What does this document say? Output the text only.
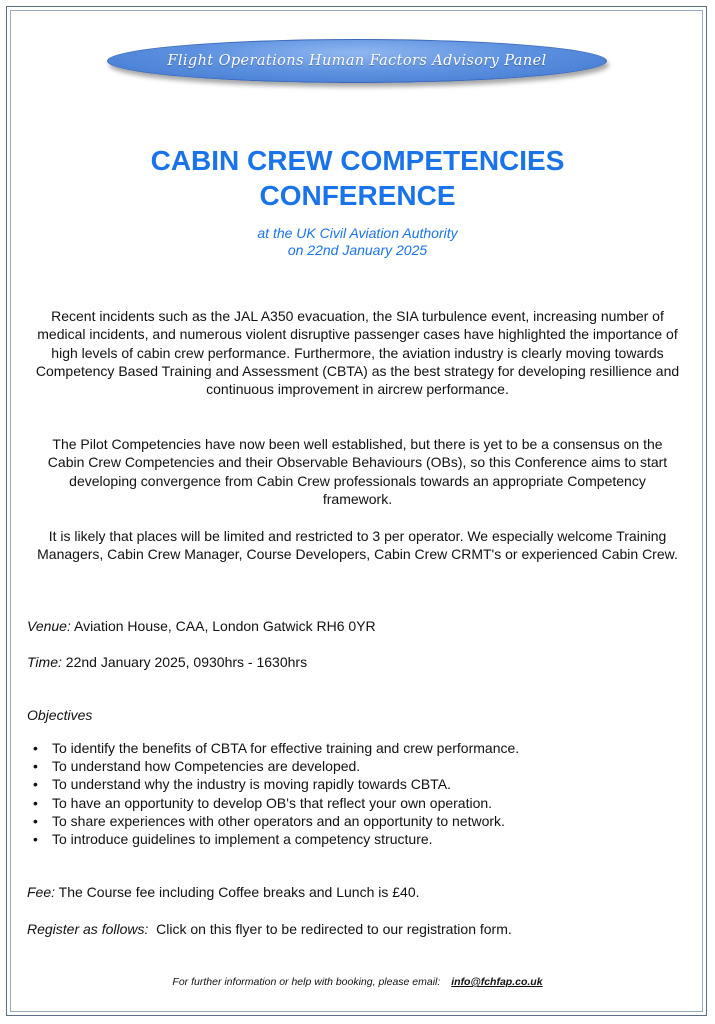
Flight Operations Human Factors Advisory Panel
CABIN CREW COMPETENCIES
CONFERENCE
at the UK Civil Aviation Authority
on 22nd January 2025
Recent incidents such as the JAL A350 evacuation, the SIA turbulence event, increasing number of medical incidents, and numerous violent disruptive passenger cases have highlighted the importance of high levels of cabin crew performance. Furthermore, the aviation industry is clearly moving towards Competency Based Training and Assessment (CBTA) as the best strategy for developing resillience and continuous improvement in aircrew performance.
The Pilot Competencies have now been well established, but there is yet to be a consensus on the Cabin Crew Competencies and their Observable Behaviours (OBs), so this Conference aims to start developing convergence from Cabin Crew professionals towards an appropriate Competency framework.
It is likely that places will be limited and restricted to 3 per operator. We especially welcome Training Managers, Cabin Crew Manager, Course Developers, Cabin Crew CRMT's or experienced Cabin Crew.
Venue: Aviation House, CAA, London Gatwick RH6 0YR
Time: 22nd January 2025, 0930hrs - 1630hrs
Objectives
• To identify the benefits of CBTA for effective training and crew performance.
• To understand how Competencies are developed.
• To understand why the industry is moving rapidly towards CBTA.
• To have an opportunity to develop OB's that reflect your own operation.
• To share experiences with other operators and an opportunity to network.
• To introduce guidelines to implement a competency structure.
Fee: The Course fee including Coffee breaks and Lunch is £40.
Register as follows: Click on this flyer to be redirected to our registration form.
For further information or help with booking, please email: info@fchfap.co.uk
